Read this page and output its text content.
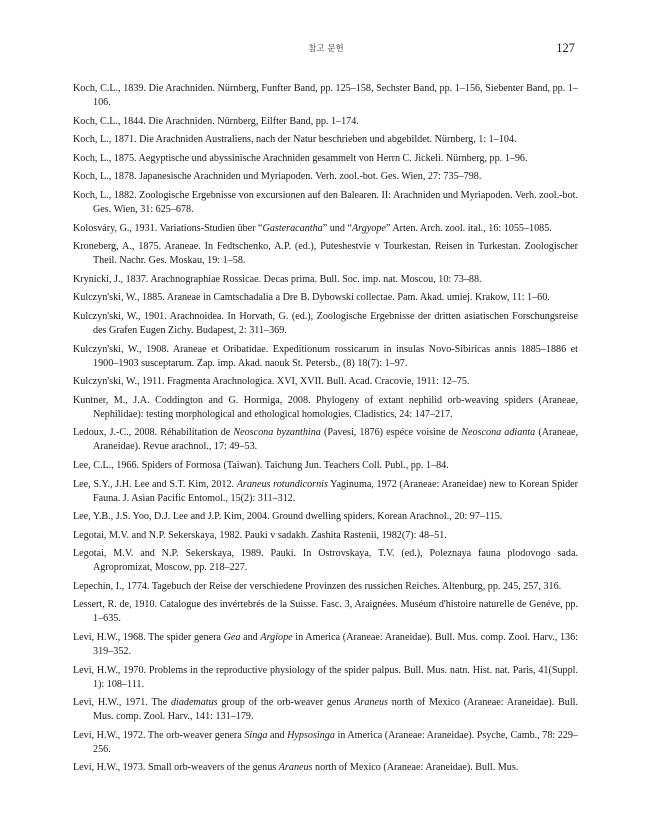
참고 문헌	127
Koch, C.L., 1839. Die Arachniden. Nürnberg, Funfter Band, pp. 125–158, Sechster Band, pp. 1–156, Siebenter Band, pp. 1–106.
Koch, C.L., 1844. Die Arachniden. Nürnberg, Eilfter Band, pp. 1–174.
Koch, L., 1871. Die Arachniden Australiens, nach der Natur beschrieben und abgebildet. Nürnberg, 1: 1–104.
Koch, L., 1875. Aegyptische und abyssinische Arachniden gesammelt von Herrn C. Jickeli. Nürnberg, pp. 1–96.
Koch, L., 1878. Japanesische Arachniden und Myriapoden. Verh. zool.-bot. Ges. Wien, 27: 735–798.
Koch, L., 1882. Zoologische Ergebnisse von excursionen auf den Balearen. II: Arachniden und Myriapoden. Verh. zool.-bot. Ges. Wien, 31: 625–678.
Kolosváry, G., 1931. Variations-Studien über “Gasteracantha” und “Argyope” Arten. Arch. zool. ital., 16: 1055–1085.
Kroneberg, A., 1875. Araneae. In Fedtschenko, A.P. (ed.), Puteshestvie v Tourkestan. Reisen in Turkestan. Zoologischer Theil. Nachr. Ges. Moskau, 19: 1–58.
Krynicki, J., 1837. Arachnographiae Rossicae. Decas prima. Bull. Soc. imp. nat. Moscou, 10: 73–88.
Kulczyn'ski, W., 1885. Araneae in Camtschadalia a Dre B. Dybowski collectae. Pam. Akad. umiej. Krakow, 11: 1–60.
Kulczyn'ski, W., 1901. Arachnoidea. In Horvath, G. (ed.), Zoologische Ergebnisse der dritten asiatischen Forschungsreise des Grafen Eugen Zichy. Budapest, 2: 311–369.
Kulczyn'ski, W., 1908. Araneae et Oribatidae. Expeditionum rossicarum in insulas Novo-Sibiricas annis 1885–1886 et 1900–1903 susceptarum. Zap. imp. Akad. naouk St. Petersb., (8) 18(7): 1–97.
Kulczyn'ski, W., 1911. Fragmenta Arachnologica. XVI, XVII. Bull. Acad. Cracovie, 1911: 12–75.
Kuntner, M., J.A. Coddington and G. Hormiga, 2008. Phylogeny of extant nephilid orb-weaving spiders (Araneae, Nephilidae): testing morphological and ethological homologies. Cladistics, 24: 147–217.
Ledoux, J.-C., 2008. Réhabilitation de Neoscona byzanthina (Pavesi, 1876) espéce voisine de Neoscona adianta (Araneae, Araneidae). Revue arachnol., 17: 49–53.
Lee, C.L., 1966. Spiders of Formosa (Taiwan). Taichung Jun. Teachers Coll. Publ., pp. 1–84.
Lee, S.Y., J.H. Lee and S.T. Kim, 2012. Araneus rotundicornis Yaginuma, 1972 (Araneae: Araneidae) new to Korean Spider Fauna. J. Asian Pacific Entomol., 15(2): 311–312.
Lee, Y.B., J.S. Yoo, D.J. Lee and J.P. Kim, 2004. Ground dwelling spiders. Korean Arachnol., 20: 97–115.
Legotai, M.V. and N.P. Sekerskaya, 1982. Pauki v sadakh. Zashita Rastenii, 1982(7): 48–51.
Legotai, M.V. and N.P. Sekerskaya, 1989. Pauki. In Ostrovskaya, T.V. (ed.), Poleznaya fauna plodovogo sada. Agropromizat, Moscow, pp. 218–227.
Lepechin, I., 1774. Tagebuch der Reise der verschiedene Provinzen des russichen Reiches. Altenburg, pp. 245, 257, 316.
Lessert, R. de, 1910. Catalogue des invértebrés de la Suisse. Fasc. 3, Araignées. Muséum d'histoire naturelle de Genéve, pp. 1–635.
Levi, H.W., 1968. The spider genera Gea and Argiope in America (Araneae: Araneidae). Bull. Mus. comp. Zool. Harv., 136: 319–352.
Levi, H.W., 1970. Problems in the reproductive physiology of the spider palpus. Bull. Mus. natn. Hist. nat. Paris, 41(Suppl. 1): 108–111.
Levi, H.W., 1971. The diadematus group of the orb-weaver genus Araneus north of Mexico (Araneae: Araneidae). Bull. Mus. comp. Zool. Harv., 141: 131–179.
Levi, H.W., 1972. The orb-weaver genera Singa and Hypsosinga in America (Araneae: Araneidae). Psyche, Camb., 78: 229–256.
Levi, H.W., 1973. Small orb-weavers of the genus Araneus north of Mexico (Araneae: Araneidae). Bull. Mus.
